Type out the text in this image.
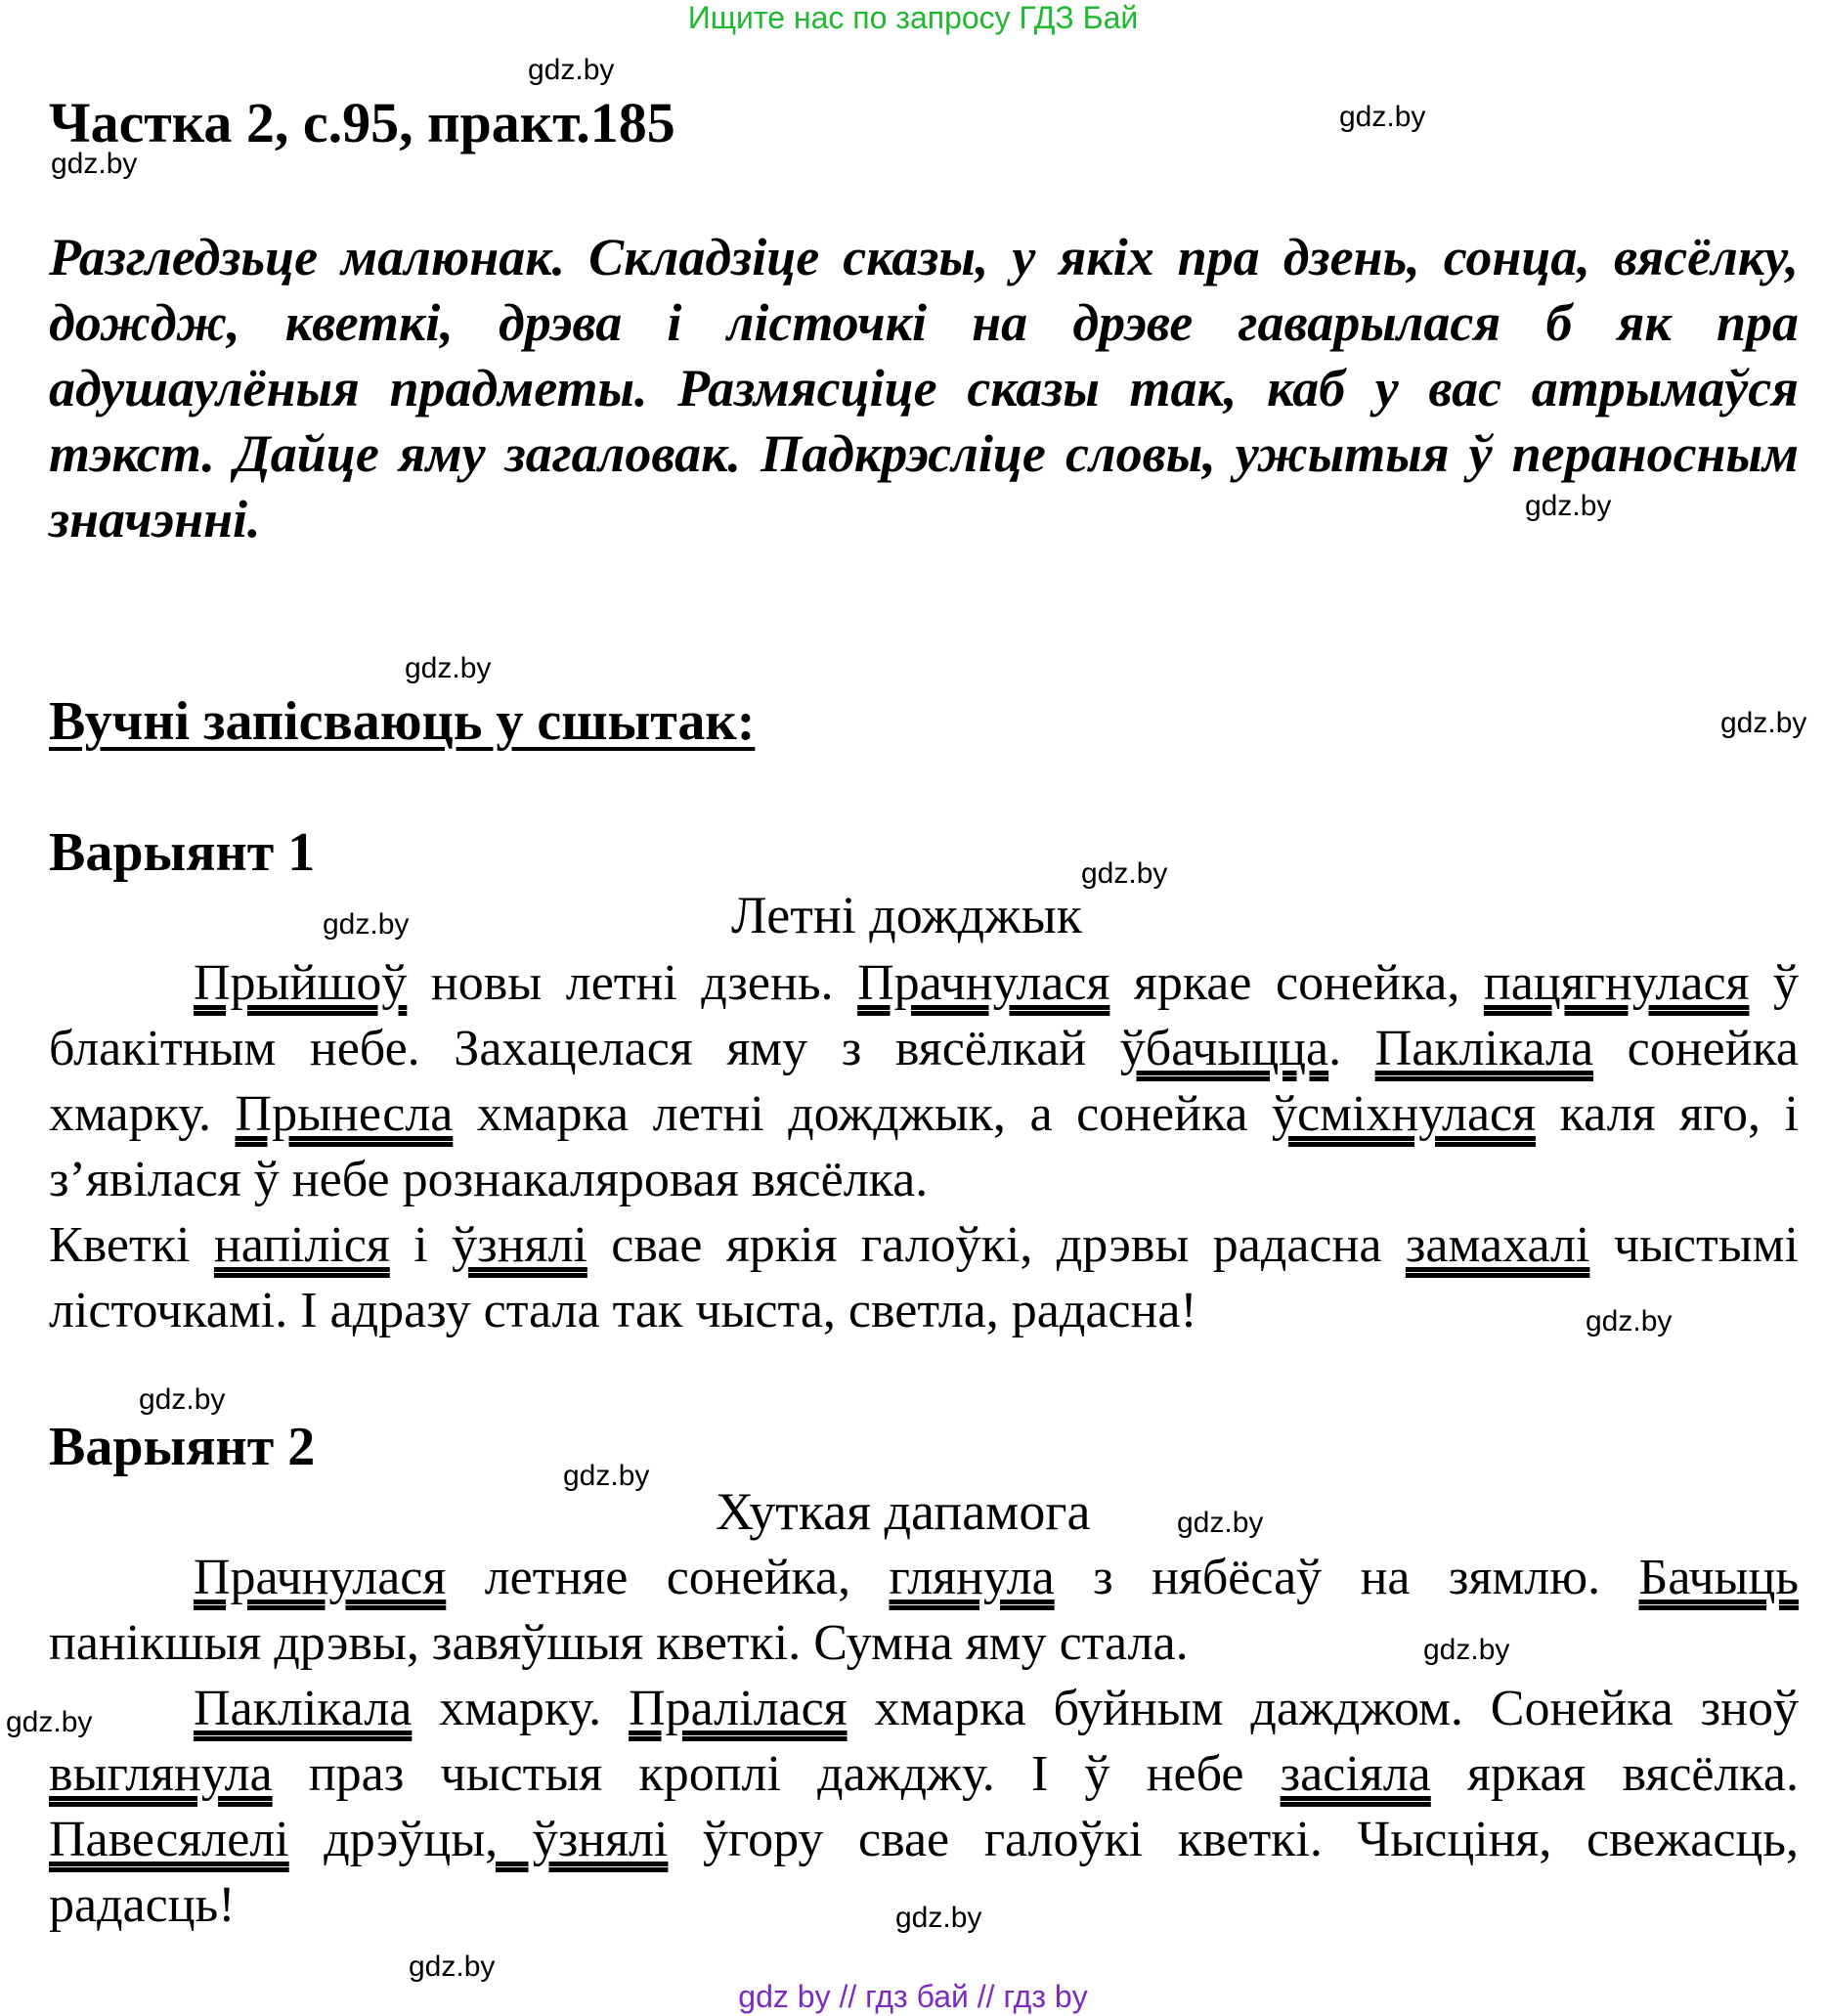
Ищите нас по запросу ГДЗ Бай
gdz.by
gdz.by
gdz.by
gdz.by
gdz.by
gdz.by
gdz.by
gdz.by
gdz.by
gdz.by
gdz.by
gdz.by
gdz.by
gdz.by
gdz.by
gdz.by
Частка 2, с.95, практ.185
Разгледзьце малюнак. Складзіце сказы, у якіх пра дзень, сонца, вясёлку, дождж, кветкі, дрэва і лісточкі на дрэве гаварылася б як пра адушаулёныя прадметы. Размясціце сказы так, каб у вас атрымаўся тэкст. Дайце яму загаловак. Падкрэсліце словы, ужытыя ў пераносным значэнні.
Вучні запісваюць у сшытак:
Варыянт 1
Летні дожджык
Прыйшоў новы летні дзень. Прачнулася яркае сонейка, пацягнулася ў блакітным небе. Захацелася яму з вясёлкай ўбачыцца. Паклікала сонейка хмарку. Прынесла хмарка летні дожджык, а сонейка ўсміхнулася каля яго, і з’явілася ў небе рознакаляровая вясёлка.
Кветкі напіліся і ўзнялі свае яркія галоўкі, дрэвы радасна замахалі чыстымі лісточкамі. І адразу стала так чыста, светла, радасна!
Варыянт 2
Хуткая дапамога
Прачнулася летняе сонейка, глянула з нябёсаў на зямлю. Бачыць панікшыя дрэвы, завяўшыя кветкі. Сумна яму стала.
Паклікала хмарку. Пралілася хмарка буйным дажджом. Сонейка зноў выглянула праз чыстыя кроплі дажджу. І ў небе засіяла яркая вясёлка. Павесялелі дрэўцы, ўзнялі ўгору свае галоўкі кветкі. Чысціня, свежасць, радасць!
gdz by // гдз бай // гдз by
